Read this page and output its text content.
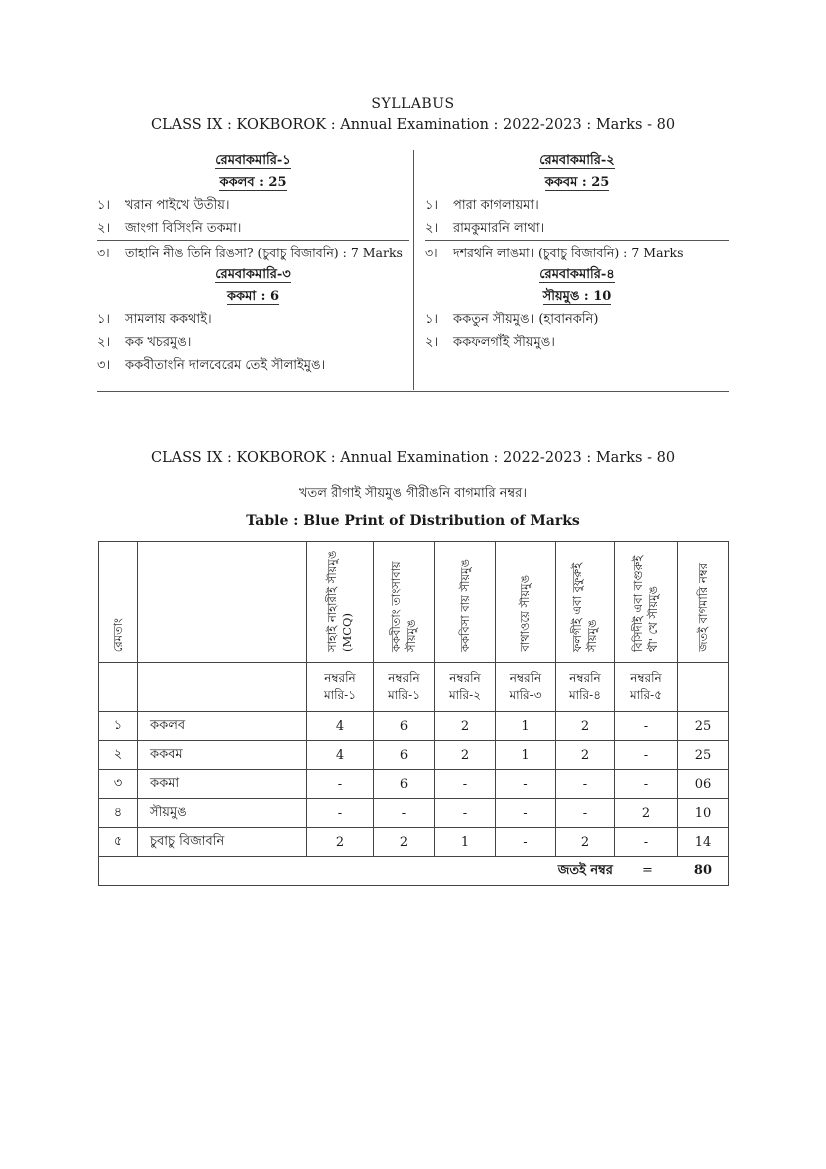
SYLLABUS
CLASS IX : KOKBOROK : Annual Examination : 2022-2023 : Marks - 80
রেমবাকমারি-১
ককলব : 25
১। খরান পাইখে উতীয়।
২। জাংগা বিসিংনি তকমা।
৩। তাহানি নীঙ তিনি রিঙসা? (চুবাচু বিজাবনি) : 7 Marks
রেমবাকমারি-৩
ককমা : 6
১। সামলায় ককথাই।
২। কক খচরমুঙ।
৩। ককবীতাংনি দালবেরেম তেই সৗলাইমুঙ।
রেমবাকমারি-২
ককবম : 25
১। পারা কাগলায়মা।
২। রামকুমারনি লাথা।
৩। দশরথনি লাঙমা। (চুবাচু বিজাবনি) : 7 Marks
রেমবাকমারি-৪
সৗয়মুঙ : 10
১। ককতুন সৗয়মুঙ। (হাবানকনি)
২। ককফলগাঁই সৗয়মুঙ।
CLASS IX : KOKBOROK : Annual Examination : 2022-2023 : Marks - 80
খতল রীগাই সৗয়মুঙ গীরীঙনি বাগমারি নম্বর।
Table : Blue Print of Distribution of Marks
রেমতাং		সাহাই নাহারীই সৗয়মুঙ (MCQ)	ককবীতাং তাংসাবায় সৗয়মুঙ	ককবিসা বায় সৗয়মুঙ	বাথাওয়ে সৗয়মুঙ	ফলগীই এবা বুফুরুই সৗয়মুঙ	বিসিদীই এবা বাগুরুই থৗ' খে সৗয়মুঙ	জতই বাগমারি নম্বর
		নম্বরনি মারি-১	নম্বরনি মারি-১	নম্বরনি মারি-২	নম্বরনি মারি-৩	নম্বরনি মারি-৪	নম্বরনি মারি-৫	
১	ককলব	4	6	2	1	2	-	25
২	ককবম	4	6	2	1	2	-	25
৩	ককমা	-	6	-	-	-	-	06
৪	সৗয়মুঙ	-	-	-	-	-	2	10
৫	চুবাচু বিজাবনি	2	2	1	-	2	-	14
জতই নম্বর = 80								
